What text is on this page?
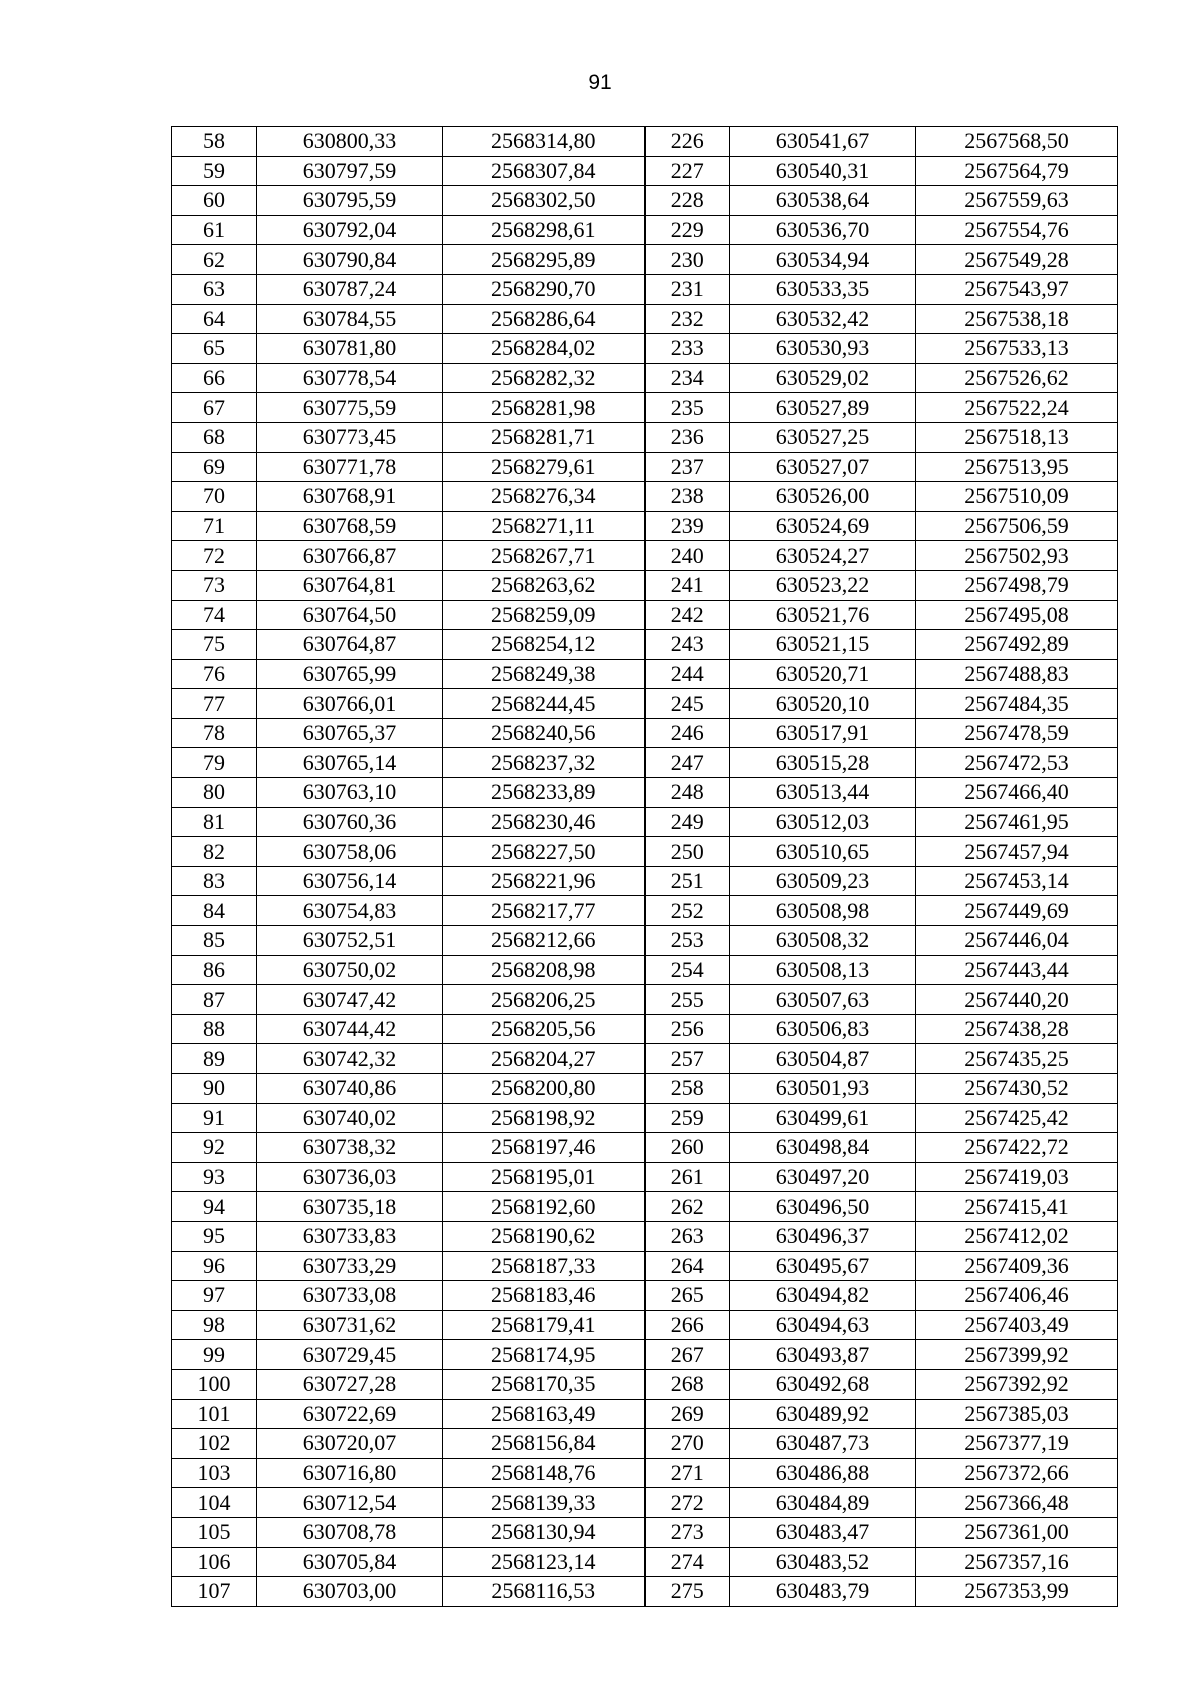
91
58	630800,33	2568314,80	226	630541,67	2567568,50
59	630797,59	2568307,84	227	630540,31	2567564,79
60	630795,59	2568302,50	228	630538,64	2567559,63
61	630792,04	2568298,61	229	630536,70	2567554,76
62	630790,84	2568295,89	230	630534,94	2567549,28
63	630787,24	2568290,70	231	630533,35	2567543,97
64	630784,55	2568286,64	232	630532,42	2567538,18
65	630781,80	2568284,02	233	630530,93	2567533,13
66	630778,54	2568282,32	234	630529,02	2567526,62
67	630775,59	2568281,98	235	630527,89	2567522,24
68	630773,45	2568281,71	236	630527,25	2567518,13
69	630771,78	2568279,61	237	630527,07	2567513,95
70	630768,91	2568276,34	238	630526,00	2567510,09
71	630768,59	2568271,11	239	630524,69	2567506,59
72	630766,87	2568267,71	240	630524,27	2567502,93
73	630764,81	2568263,62	241	630523,22	2567498,79
74	630764,50	2568259,09	242	630521,76	2567495,08
75	630764,87	2568254,12	243	630521,15	2567492,89
76	630765,99	2568249,38	244	630520,71	2567488,83
77	630766,01	2568244,45	245	630520,10	2567484,35
78	630765,37	2568240,56	246	630517,91	2567478,59
79	630765,14	2568237,32	247	630515,28	2567472,53
80	630763,10	2568233,89	248	630513,44	2567466,40
81	630760,36	2568230,46	249	630512,03	2567461,95
82	630758,06	2568227,50	250	630510,65	2567457,94
83	630756,14	2568221,96	251	630509,23	2567453,14
84	630754,83	2568217,77	252	630508,98	2567449,69
85	630752,51	2568212,66	253	630508,32	2567446,04
86	630750,02	2568208,98	254	630508,13	2567443,44
87	630747,42	2568206,25	255	630507,63	2567440,20
88	630744,42	2568205,56	256	630506,83	2567438,28
89	630742,32	2568204,27	257	630504,87	2567435,25
90	630740,86	2568200,80	258	630501,93	2567430,52
91	630740,02	2568198,92	259	630499,61	2567425,42
92	630738,32	2568197,46	260	630498,84	2567422,72
93	630736,03	2568195,01	261	630497,20	2567419,03
94	630735,18	2568192,60	262	630496,50	2567415,41
95	630733,83	2568190,62	263	630496,37	2567412,02
96	630733,29	2568187,33	264	630495,67	2567409,36
97	630733,08	2568183,46	265	630494,82	2567406,46
98	630731,62	2568179,41	266	630494,63	2567403,49
99	630729,45	2568174,95	267	630493,87	2567399,92
100	630727,28	2568170,35	268	630492,68	2567392,92
101	630722,69	2568163,49	269	630489,92	2567385,03
102	630720,07	2568156,84	270	630487,73	2567377,19
103	630716,80	2568148,76	271	630486,88	2567372,66
104	630712,54	2568139,33	272	630484,89	2567366,48
105	630708,78	2568130,94	273	630483,47	2567361,00
106	630705,84	2568123,14	274	630483,52	2567357,16
107	630703,00	2568116,53	275	630483,79	2567353,99
